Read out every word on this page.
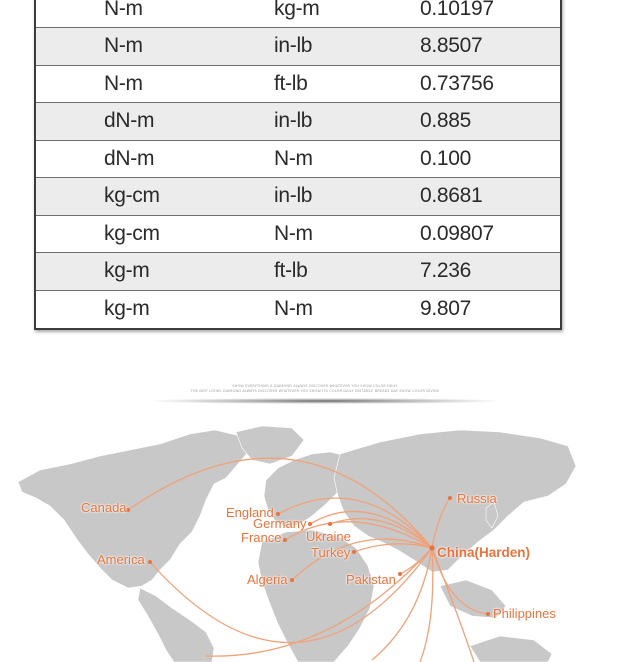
N-m	kg-m	0.10197
N-m	in-lb	8.8507
N-m	ft-lb	0.73756
dN-m	in-lb	0.885
dN-m	N-m	0.100
kg-cm	in-lb	0.8681
kg-cm	N-m	0.09807
kg-m	ft-lb	7.236
kg-m	N-m	9.807
SHOW EVERYTHING A DIAMOND ALWAYS DISCOVER WHATEVER YOU SHOW COLOR DAILY
THE DIRT LOOKS DIAMOND ALWAYS DISCOVER WHATEVER YOU SHOW ITS COLOR DAILY DISTANCE BREAKS DAY SHOW COLOR DIVIDE
Russia
Canada	England
Germany
Ukraine
France
Turkey
America
Algeria	Pakistan
Philippines
China(Harden)
